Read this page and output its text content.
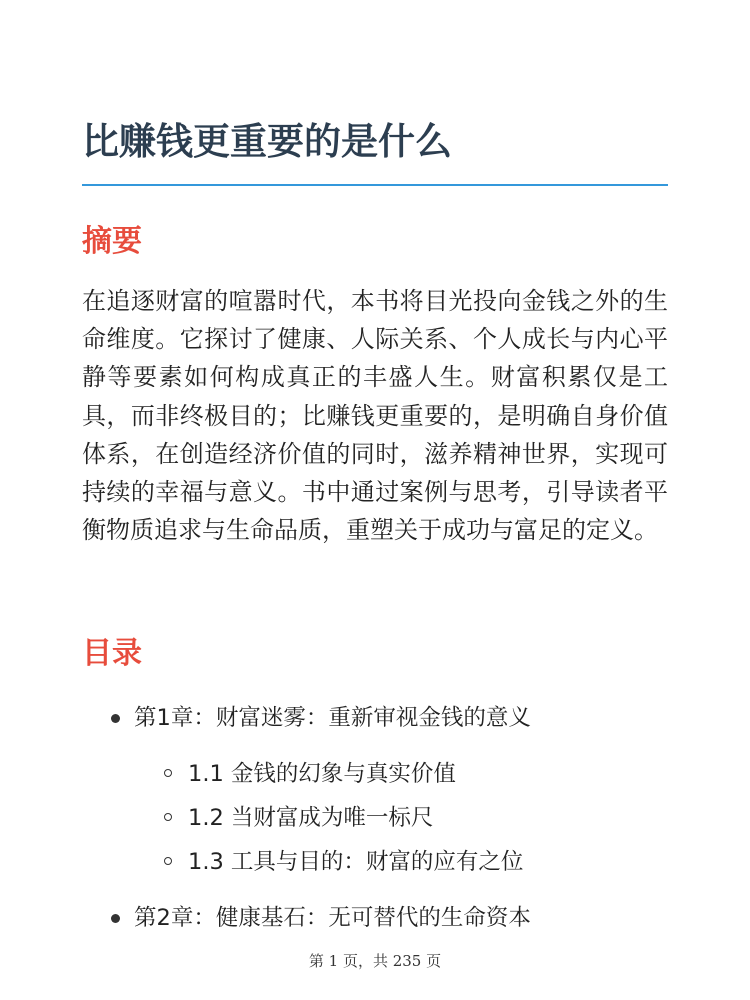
比赚钱更重要的是什么
摘要

在追逐财富的喧嚣时代，本书将目光投向金钱之外的生命维度。它探讨了健康、人际关系、个人成长与内心平静等要素如何构成真正的丰盛人生。财富积累仅是工具，而非终极目的；比赚钱更重要的，是明确自身价值体系，在创造经济价值的同时，滋养精神世界，实现可持续的幸福与意义。书中通过案例与思考，引导读者平衡物质追求与生命品质，重塑关于成功与富足的定义。

目录
第1章：财富迷雾：重新审视金钱的意义
1.1 金钱的幻象与真实价值
1.2 当财富成为唯一标尺
1.3 工具与目的：财富的应有之位
第2章：健康基石：无可替代的生命资本
第 1 页，共 235 页
